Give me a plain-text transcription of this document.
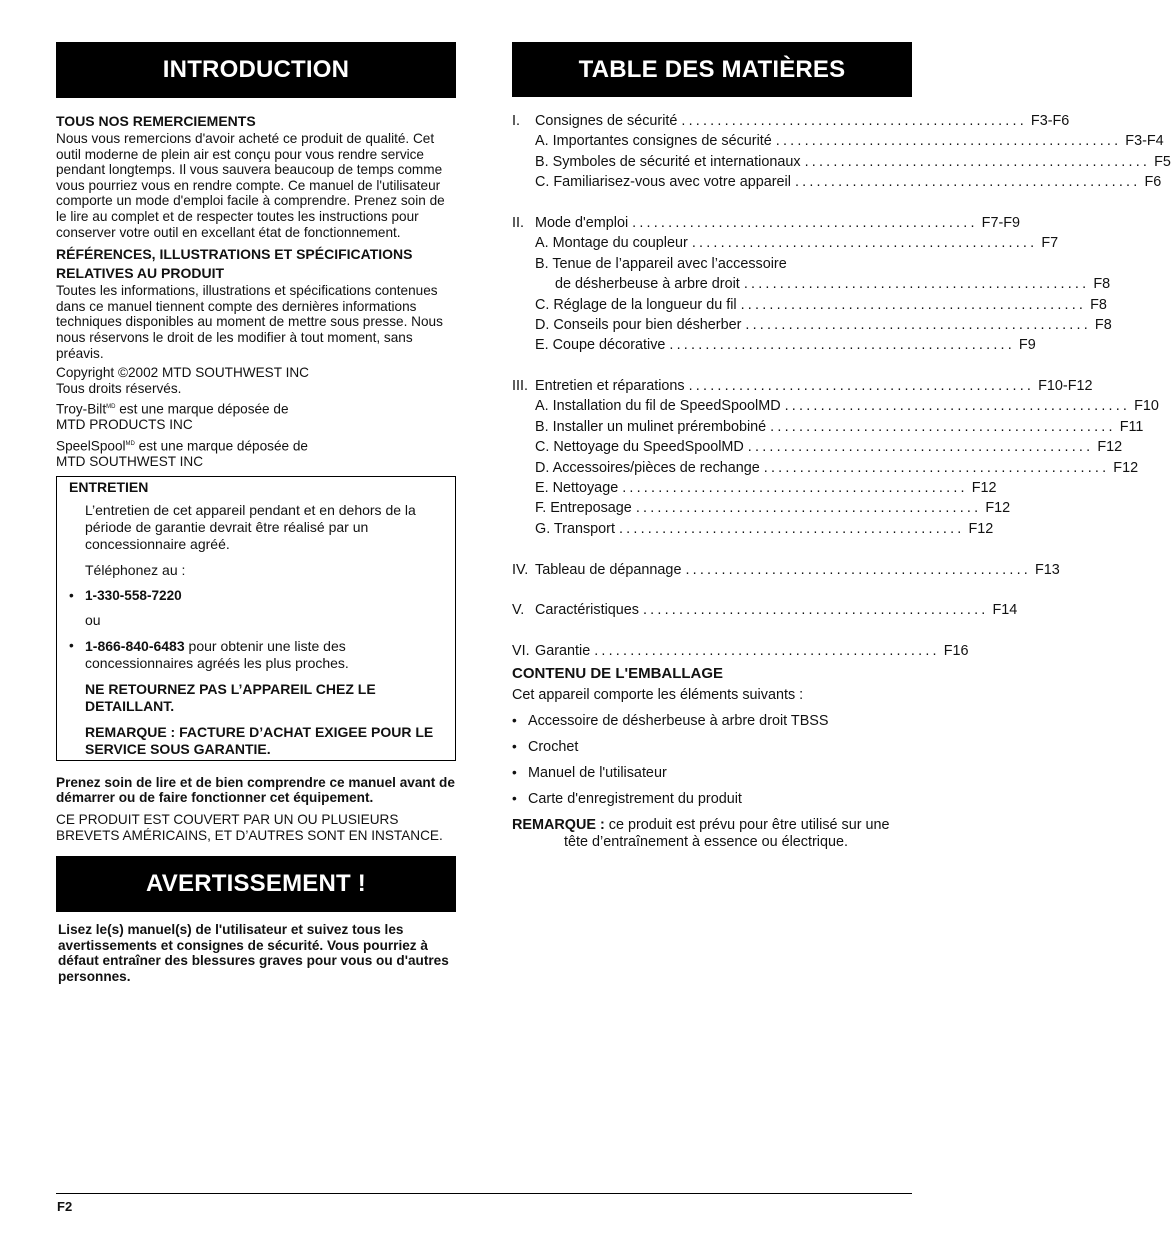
INTRODUCTION
TOUS NOS REMERCIEMENTS

Nous vous remercions d'avoir acheté ce produit de qualité. Cet outil moderne de plein air est conçu pour vous rendre service pendant longtemps. Il vous sauvera beaucoup de temps comme vous pourriez vous en rendre compte. Ce manuel de l'utilisateur comporte un mode d'emploi facile à comprendre. Prenez soin de le lire au complet et de respecter toutes les instructions pour conserver votre outil en excellant état de fonctionnement.

RÉFÉRENCES, ILLUSTRATIONS ET SPÉCIFICATIONS RELATIVES AU PRODUIT

Toutes les informations, illustrations et spécifications contenues dans ce manuel tiennent compte des dernières informations techniques disponibles au moment de mettre sous presse. Nous nous réservons le droit de les modifier à tout moment, sans préavis.

Copyright ©2002 MTD SOUTHWEST INC

Tous droits réservés.

Troy-Bilt$^{MD}$ est une marque déposée de

MTD PRODUCTS INC

SpeelSpool$^{MD}$ est une marque déposée de

MTD SOUTHWEST INC

ENTRETIEN

L’entretien de cet appareil pendant et en dehors de la période de garantie devrait être réalisé par un concessionnaire agréé.

Téléphonez au :

• 1-330-558-7220

ou

• 1-866-840-6483 pour obtenir une liste des concessionnaires agréés les plus proches.

NE RETOURNEZ PAS L’APPAREIL CHEZ LE DETAILLANT.

REMARQUE : FACTURE D’ACHAT EXIGEE POUR LE SERVICE SOUS GARANTIE.

Prenez soin de lire et de bien comprendre ce manuel avant de démarrer ou de faire fonctionner cet équipement.

CE PRODUIT EST COUVERT PAR UN OU PLUSIEURS BREVETS AMÉRICAINS, ET D’AUTRES SONT EN INSTANCE.

AVERTISSEMENT !

Lisez le(s) manuel(s) de l'utilisateur et suivez tous les avertissements et consignes de sécurité. Vous pourriez à défaut entraîner des blessures graves pour vous ou d'autres personnes.

TABLE DES MATIÈRES
I.	Consignes de sécurité ................................................ F3-F6
A. Importantes consignes de sécurité ................................................ F3-F4
B. Symboles de sécurité et internationaux ................................................ F5
C. Familiarisez-vous avec votre appareil ................................................ F6
II. Mode d'emploi ................................................ F7-F9
A. Montage du coupleur ................................................ F7
B. Tenue de l’appareil avec l’accessoire
de désherbeuse à arbre droit ................................................ F8
C. Réglage de la longueur du fil ................................................ F8
D. Conseils pour bien désherber ................................................ F8
E. Coupe décorative ................................................ F9
III. Entretien et réparations ................................................ F10-F12
A. Installation du fil de SpeedSpoolMD ................................................ F10
B. Installer un mulinet prérembobiné ................................................ F11
C. Nettoyage du SpeedSpoolMD ................................................ F12
D. Accessoires/pièces de rechange ................................................ F12
E. Nettoyage ................................................ F12
F. Entreposage ................................................ F12
G. Transport ................................................ F12
IV. Tableau de dépannage ................................................ F13
V. Caractéristiques ................................................ F14
VI. Garantie ................................................ F16
CONTENU DE L'EMBALLAGE

Cet appareil comporte les éléments suivants :

• Accessoire de désherbeuse à arbre droit TBSS

• Crochet

• Manuel de l'utilisateur

• Carte d'enregistrement du produit

REMARQUE : ce produit est prévu pour être utilisé sur une tête d’entraînement à essence ou électrique.

F2
